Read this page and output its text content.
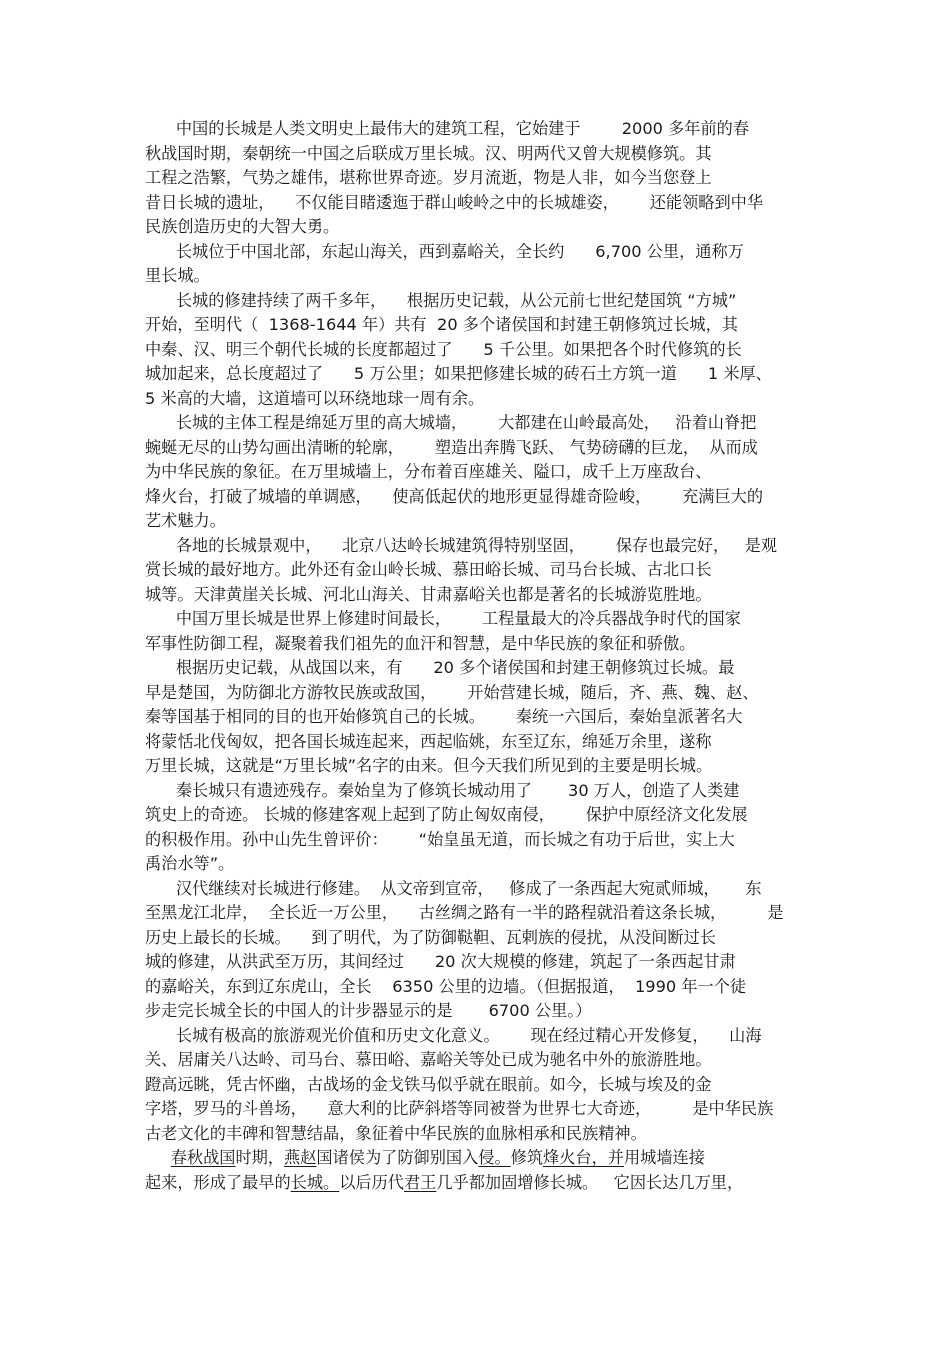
中国的长城是人类文明史上最伟大的建筑工程，它始建于        2000 多年前的春
秋战国时期，秦朝统一中国之后联成万里长城。汉、明两代又曾大规模修筑。其
工程之浩繁，气势之雄伟，堪称世界奇迹。岁月流逝，物是人非，如今当您登上
昔日长城的遗址，    不仅能目睹逶迤于群山峻岭之中的长城雄姿，      还能领略到中华
民族创造历史的大智大勇。
长城位于中国北部，东起山海关，西到嘉峪关，全长约      6,700 公里，通称万
里长城。
长城的修建持续了两千多年，    根据历史记载，从公元前七世纪楚国筑 “方城”
开始，至明代（  1368-1644 年）共有  20 多个诸侯国和封建王朝修筑过长城，其
中秦、汉、明三个朝代长城的长度都超过了      5 千公里。如果把各个时代修筑的长
城加起来，总长度超过了      5 万公里；如果把修建长城的砖石土方筑一道      1 米厚、
5 米高的大墙，这道墙可以环绕地球一周有余。
长城的主体工程是绵延万里的高大城墙，      大都建在山岭最高处，   沿着山脊把
蜿蜒无尽的山势勾画出清晰的轮廓，      塑造出奔腾飞跃、 气势磅礴的巨龙，  从而成
为中华民族的象征。在万里城墙上，分布着百座雄关、隘口，成千上万座敌台、
烽火台，打破了城墙的单调感，    使高低起伏的地形更显得雄奇险峻，      充满巨大的
艺术魅力。
各地的长城景观中，    北京八达岭长城建筑得特别坚固，      保存也最完好，   是观
赏长城的最好地方。此外还有金山岭长城、慕田峪长城、司马台长城、古北口长
城等。天津黄崖关长城、河北山海关、甘肃嘉峪关也都是著名的长城游览胜地。
中国万里长城是世界上修建时间最长，      工程量最大的冷兵器战争时代的国家
军事性防御工程，凝聚着我们祖先的血汗和智慧，是中华民族的象征和骄傲。
根据历史记载，从战国以来，有      20 多个诸侯国和封建王朝修筑过长城。最
早是楚国，为防御北方游牧民族或敌国，      开始营建长城，随后，齐、燕、魏、赵、
秦等国基于相同的目的也开始修筑自己的长城。      秦统一六国后，秦始皇派著名大
将蒙恬北伐匈奴，把各国长城连起来，西起临姚，东至辽东，绵延万余里，遂称
万里长城，这就是“万里长城”名字的由来。但今天我们所见到的主要是明长城。
秦长城只有遗迹残存。秦始皇为了修筑长城动用了       30 万人，创造了人类建
筑史上的奇迹。 长城的修建客观上起到了防止匈奴南侵，      保护中原经济文化发展
的积极作用。孙中山先生曾评价：      “始皇虽无道，而长城之有功于后世，实上大
禹治水等”。
汉代继续对长城进行修建。  从文帝到宣帝，   修成了一条西起大宛贰师城，     东
至黑龙江北岸，  全长近一万公里，    古丝绸之路有一半的路程就沿着这条长城，        是
历史上最长的长城。    到了明代，为了防御鞑靼、瓦剌族的侵扰，从没间断过长
城的修建，从洪武至万历，其间经过      20 次大规模的修建，筑起了一条西起甘肃
的嘉峪关，东到辽东虎山，全长    6350 公里的边墙。（但据报道，  1990 年一个徒
步走完长城全长的中国人的计步器显示的是       6700 公里。）
长城有极高的旅游观光价值和历史文化意义。      现在经过精心开发修复，    山海
关、居庸关八达岭、司马台、慕田峪、嘉峪关等处已成为驰名中外的旅游胜地。
蹬高远眺，凭古怀幽，古战场的金戈铁马似乎就在眼前。如今，长城与埃及的金
字塔，罗马的斗兽场，    意大利的比萨斜塔等同被誉为世界七大奇迹，        是中华民族
古老文化的丰碑和智慧结晶，象征着中华民族的血脉相承和民族精神。
春秋战国时期，燕赵国诸侯为了防御别国入侵。修筑烽火台，并用城墙连接
起来，形成了最早的长城。以后历代君王几乎都加固增修长城。   它因长达几万里，
